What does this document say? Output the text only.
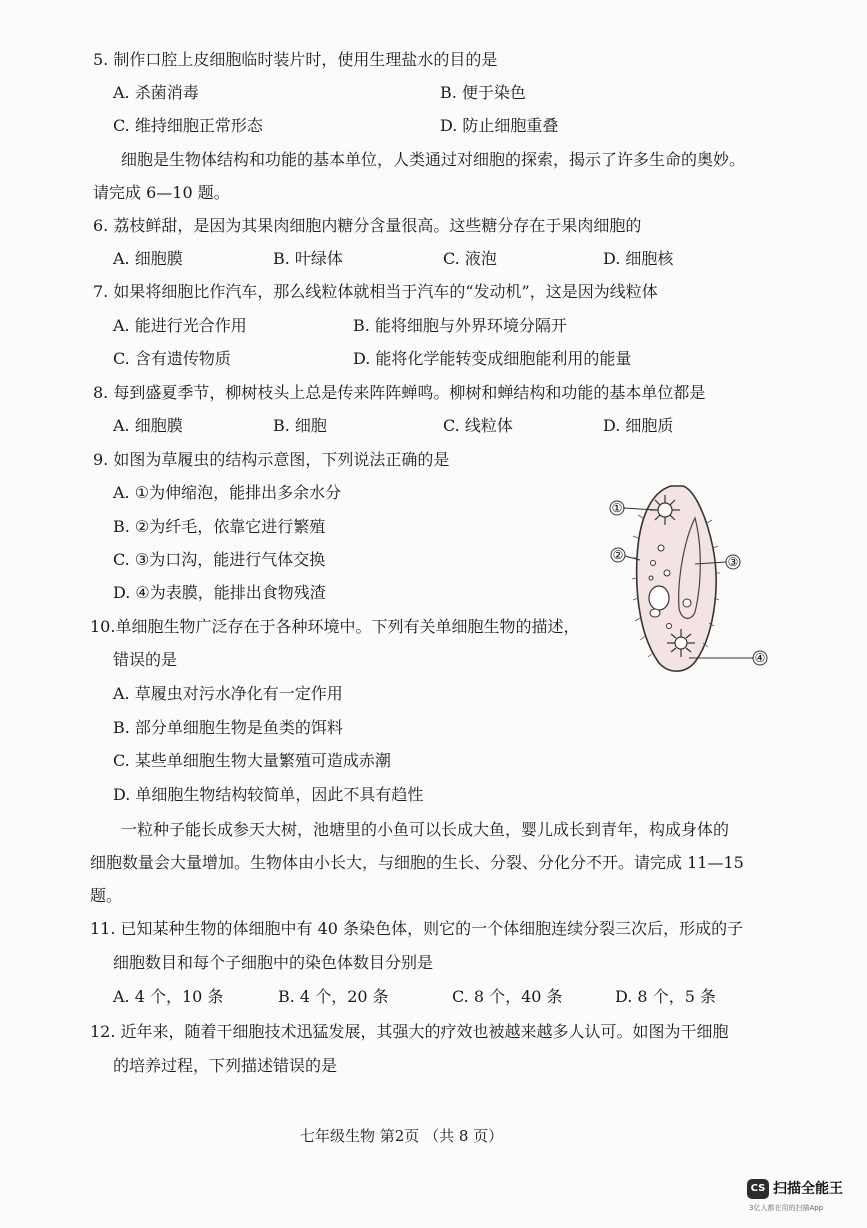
5. 制作口腔上皮细胞临时装片时，使用生理盐水的目的是
A. 杀菌消毒	B. 便于染色
C. 维持细胞正常形态	D. 防止细胞重叠
细胞是生物体结构和功能的基本单位，人类通过对细胞的探索，揭示了许多生命的奥妙。
请完成 6—10 题。
6. 荔枝鲜甜，是因为其果肉细胞内糖分含量很高。这些糖分存在于果肉细胞的
A. 细胞膜	B. 叶绿体	C. 液泡	D. 细胞核
7. 如果将细胞比作汽车，那么线粒体就相当于汽车的“发动机”，这是因为线粒体
A. 能进行光合作用	B. 能将细胞与外界环境分隔开
C. 含有遗传物质	D. 能将化学能转变成细胞能利用的能量
8. 每到盛夏季节，柳树枝头上总是传来阵阵蝉鸣。柳树和蝉结构和功能的基本单位都是
A. 细胞膜	B. 细胞	C. 线粒体	D. 细胞质
9. 如图为草履虫的结构示意图，下列说法正确的是
A. ①为伸缩泡，能排出多余水分
B. ②为纤毛，依靠它进行繁殖
C. ③为口沟，能进行气体交换
D. ④为表膜，能排出食物残渣
①
②	③
④
10.单细胞生物广泛存在于各种环境中。下列有关单细胞生物的描述，
错误的是
A. 草履虫对污水净化有一定作用
B. 部分单细胞生物是鱼类的饵料
C. 某些单细胞生物大量繁殖可造成赤潮
D. 单细胞生物结构较简单，因此不具有趋性
一粒种子能长成参天大树，池塘里的小鱼可以长成大鱼，婴儿成长到青年，构成身体的
细胞数量会大量增加。生物体由小长大，与细胞的生长、分裂、分化分不开。请完成 11—15
题。
11. 已知某种生物的体细胞中有 40 条染色体，则它的一个体细胞连续分裂三次后，形成的子
细胞数目和每个子细胞中的染色体数目分别是
A. 4 个，10 条	B. 4 个，20 条	C. 8 个，40 条	D. 8 个，5 条
12. 近年来，随着干细胞技术迅猛发展，其强大的疗效也被越来越多人认可。如图为干细胞
的培养过程，下列描述错误的是
七年级生物 第2页 （共 8 页）
CS 扫描全能王
3亿人都在用的扫描App
